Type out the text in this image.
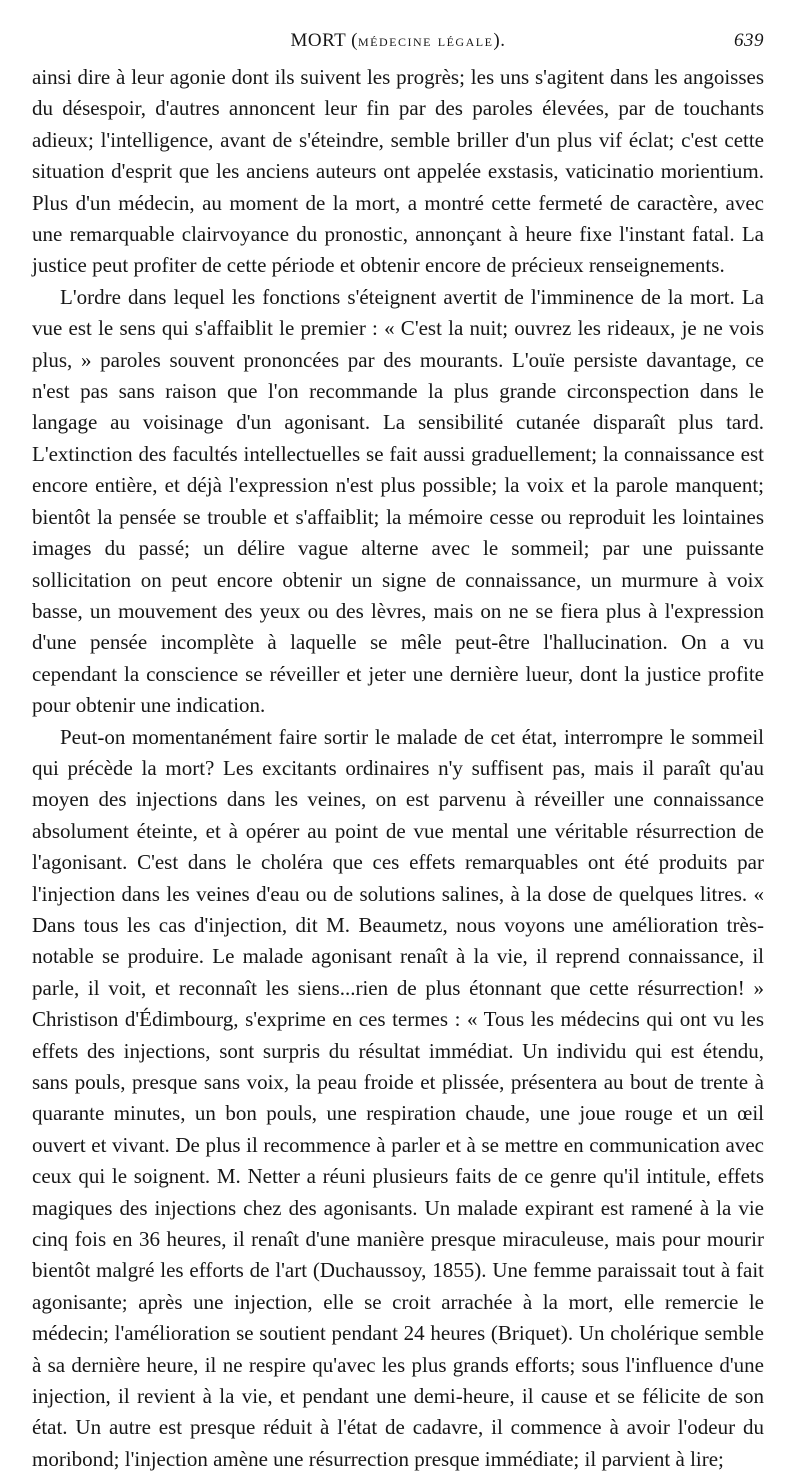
MORT (médecine légale).	639

ainsi dire à leur agonie dont ils suivent les progrès; les uns s'agitent dans les angoisses du désespoir, d'autres annoncent leur fin par des paroles élevées, par de touchants adieux; l'intelligence, avant de s'éteindre, semble briller d'un plus vif éclat; c'est cette situation d'esprit que les anciens auteurs ont appelée exstasis, vaticinatio morientium. Plus d'un médecin, au moment de la mort, a montré cette fermeté de caractère, avec une remarquable clairvoyance du pronostic, annonçant à heure fixe l'instant fatal. La justice peut profiter de cette période et obtenir encore de précieux renseignements.

L'ordre dans lequel les fonctions s'éteignent avertit de l'imminence de la mort. La vue est le sens qui s'affaiblit le premier : « C'est la nuit; ouvrez les rideaux, je ne vois plus, » paroles souvent prononcées par des mourants. L'ouïe persiste davantage, ce n'est pas sans raison que l'on recommande la plus grande circonspection dans le langage au voisinage d'un agonisant. La sensibilité cutanée disparaît plus tard. L'extinction des facultés intellectuelles se fait aussi graduellement; la connaissance est encore entière, et déjà l'expression n'est plus possible; la voix et la parole manquent; bientôt la pensée se trouble et s'affaiblit; la mémoire cesse ou reproduit les lointaines images du passé; un délire vague alterne avec le sommeil; par une puissante sollicitation on peut encore obtenir un signe de connaissance, un murmure à voix basse, un mouvement des yeux ou des lèvres, mais on ne se fiera plus à l'expression d'une pensée incomplète à laquelle se mêle peut-être l'hallucination. On a vu cependant la conscience se réveiller et jeter une dernière lueur, dont la justice profite pour obtenir une indication.

Peut-on momentanément faire sortir le malade de cet état, interrompre le sommeil qui précède la mort? Les excitants ordinaires n'y suffisent pas, mais il paraît qu'au moyen des injections dans les veines, on est parvenu à réveiller une connaissance absolument éteinte, et à opérer au point de vue mental une véritable résurrection de l'agonisant. C'est dans le choléra que ces effets remarquables ont été produits par l'injection dans les veines d'eau ou de solutions salines, à la dose de quelques litres. « Dans tous les cas d'injection, dit M. Beaumetz, nous voyons une amélioration très-notable se produire. Le malade agonisant renaît à la vie, il reprend connaissance, il parle, il voit, et reconnaît les siens...rien de plus étonnant que cette résurrection! » Christison d'Édimbourg, s'exprime en ces termes : « Tous les médecins qui ont vu les effets des injections, sont surpris du résultat immédiat. Un individu qui est étendu, sans pouls, presque sans voix, la peau froide et plissée, présentera au bout de trente à quarante minutes, un bon pouls, une respiration chaude, une joue rouge et un œil ouvert et vivant. De plus il recommence à parler et à se mettre en communication avec ceux qui le soignent. M. Netter a réuni plusieurs faits de ce genre qu'il intitule, effets magiques des injections chez des agonisants. Un malade expirant est ramené à la vie cinq fois en 36 heures, il renaît d'une manière presque miraculeuse, mais pour mourir bientôt malgré les efforts de l'art (Duchaussoy, 1855). Une femme paraissait tout à fait agonisante; après une injection, elle se croit arrachée à la mort, elle remercie le médecin; l'amélioration se soutient pendant 24 heures (Briquet). Un cholérique semble à sa dernière heure, il ne respire qu'avec les plus grands efforts; sous l'influence d'une injection, il revient à la vie, et pendant une demi-heure, il cause et se félicite de son état. Un autre est presque réduit à l'état de cadavre, il commence à avoir l'odeur du moribond; l'injection amène une résurrection presque immédiate; il parvient à lire;
